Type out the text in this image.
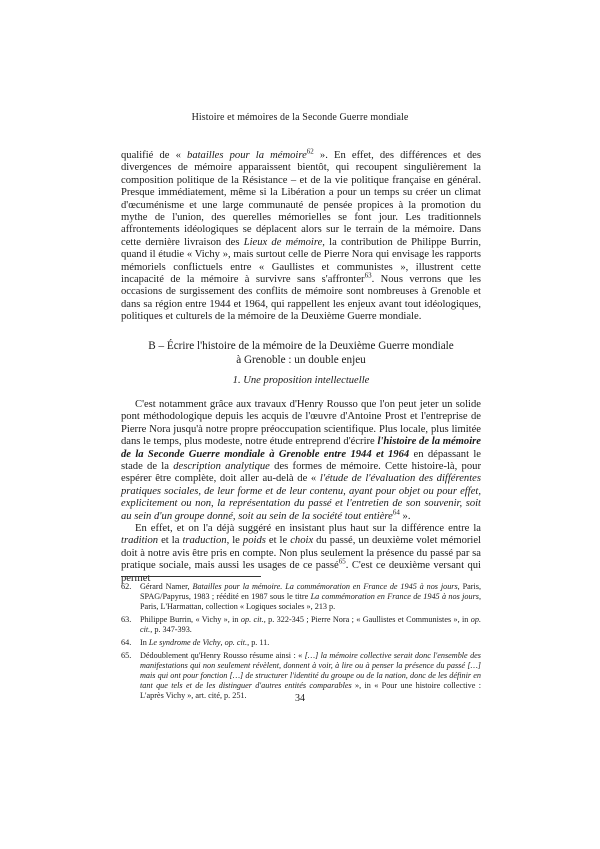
Histoire et mémoires de la Seconde Guerre mondiale

qualifié de « batailles pour la mémoire$^{62}$ ». En effet, des différences et des divergences de mémoire apparaissent bientôt, qui recoupent singulièrement la composition politique de la Résistance – et de la vie politique française en général. Presque immédiatement, même si la Libération a pour un temps su créer un climat d'œcuménisme et une large communauté de pensée propices à la promotion du mythe de l'union, des querelles mémorielles se font jour. Les traditionnels affrontements idéologiques se déplacent alors sur le terrain de la mémoire. Dans cette dernière livraison des Lieux de mémoire, la contribution de Philippe Burrin, quand il étudie « Vichy », mais surtout celle de Pierre Nora qui envisage les rapports mémoriels conflictuels entre « Gaullistes et communistes », illustrent cette incapacité de la mémoire à survivre sans s'affronter$^{63}$. Nous verrons que les occasions de surgissement des conflits de mémoire sont nombreuses à Grenoble et dans sa région entre 1944 et 1964, qui rappellent les enjeux avant tout idéologiques, politiques et culturels de la mémoire de la Deuxième Guerre mondiale.

B – Écrire l'histoire de la mémoire de la Deuxième Guerre mondiale
à Grenoble : un double enjeu
1. Une proposition intellectuelle

C'est notamment grâce aux travaux d'Henry Rousso que l'on peut jeter un solide pont méthodologique depuis les acquis de l'œuvre d'Antoine Prost et l'entreprise de Pierre Nora jusqu'à notre propre préoccupation scientifique. Plus locale, plus limitée dans le temps, plus modeste, notre étude entreprend d'écrire l'histoire de la mémoire de la Seconde Guerre mondiale à Grenoble entre 1944 et 1964 en dépassant le stade de la description analytique des formes de mémoire. Cette histoire-là, pour espérer être complète, doit aller au-delà de « l'étude de l'évaluation des différentes pratiques sociales, de leur forme et de leur contenu, ayant pour objet ou pour effet, explicitement ou non, la représentation du passé et l'entretien de son souvenir, soit au sein d'un groupe donné, soit au sein de la société tout entière$^{64}$ ».

En effet, et on l'a déjà suggéré en insistant plus haut sur la différence entre la tradition et la traduction, le poids et le choix du passé, un deuxième volet mémoriel doit à notre avis être pris en compte. Non plus seulement la présence du passé par sa pratique sociale, mais aussi les usages de ce passé$^{65}$. C'est ce deuxième versant qui permet

62.	Gérard Namer, Batailles pour la mémoire. La commémoration en France de 1945 à nos jours, Paris, SPAG/Papyrus, 1983 ; réédité en 1987 sous le titre La commémoration en France de 1945 à nos jours, Paris, L'Harmattan, collection « Logiques sociales », 213 p.
63.	Philippe Burrin, « Vichy », in op. cit., p. 322-345 ; Pierre Nora ; « Gaullistes et Communistes », in op. cit., p. 347-393.
64.	In Le syndrome de Vichy, op. cit., p. 11.
65.	Dédoublement qu'Henry Rousso résume ainsi : « […] la mémoire collective serait donc l'ensemble des manifestations qui non seulement révèlent, donnent à voir, à lire ou à penser la présence du passé […] mais qui ont pour fonction […] de structurer l'identité du groupe ou de la nation, donc de les définir en tant que tels et de les distinguer d'autres entités comparables », in « Pour une histoire collective : L'après Vichy », art. cité, p. 251.	34
